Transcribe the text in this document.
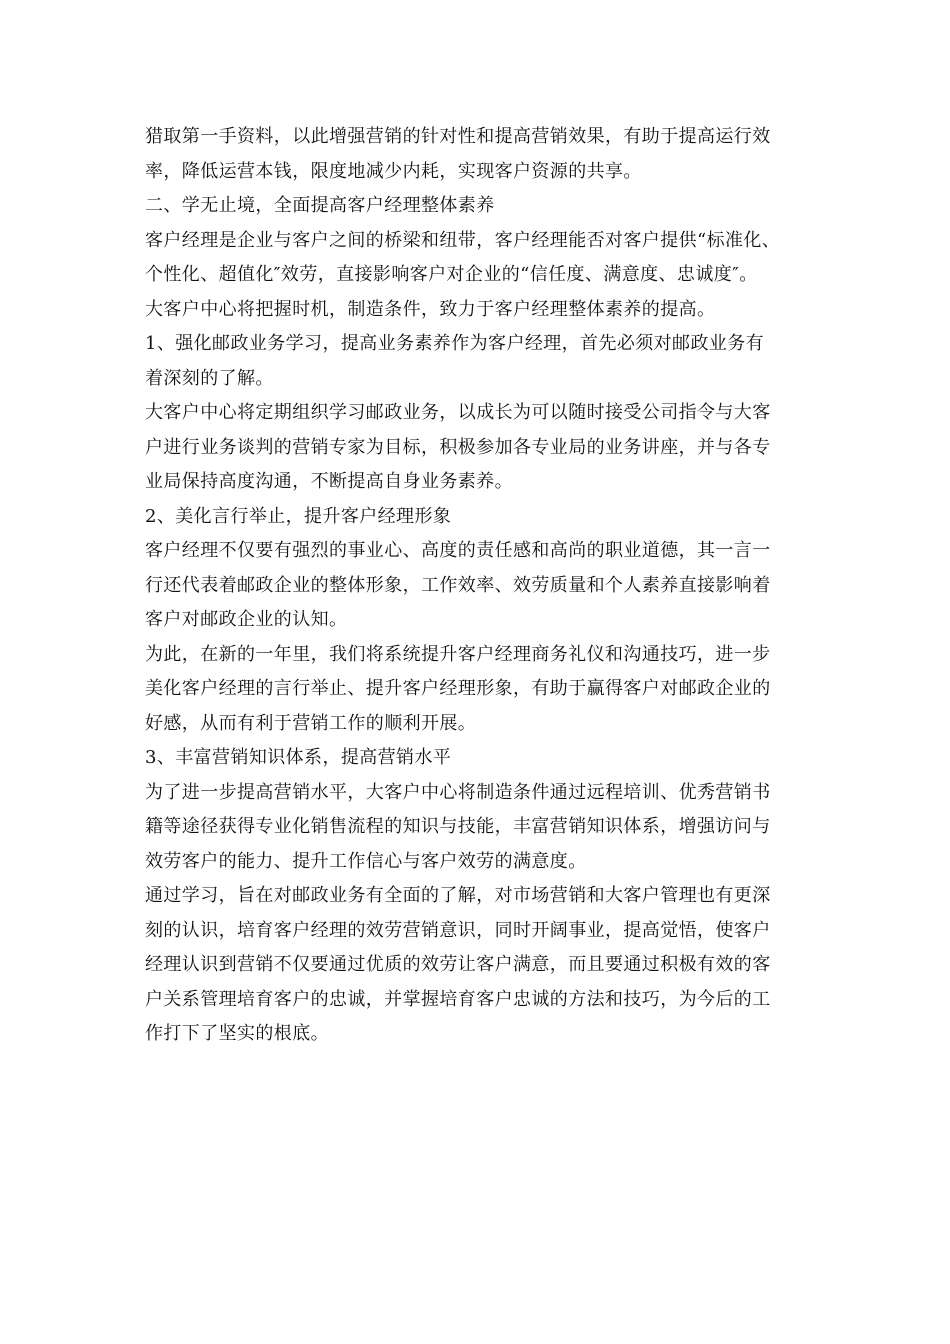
猎取第一手资料，以此增强营销的针对性和提高营销效果，有助于提高运行效
率，降低运营本钱，限度地减少内耗，实现客户资源的共享。
二、学无止境，全面提高客户经理整体素养
客户经理是企业与客户之间的桥梁和纽带，客户经理能否对客户提供“标准化、
个性化、超值化″效劳，直接影响客户对企业的“信任度、满意度、忠诚度″。
大客户中心将把握时机，制造条件，致力于客户经理整体素养的提高。
1、强化邮政业务学习，提高业务素养作为客户经理，首先必须对邮政业务有
着深刻的了解。
大客户中心将定期组织学习邮政业务，以成长为可以随时接受公司指令与大客
户进行业务谈判的营销专家为目标，积极参加各专业局的业务讲座，并与各专
业局保持高度沟通，不断提高自身业务素养。
2、美化言行举止，提升客户经理形象
客户经理不仅要有强烈的事业心、高度的责任感和高尚的职业道德，其一言一
行还代表着邮政企业的整体形象，工作效率、效劳质量和个人素养直接影响着
客户对邮政企业的认知。
为此，在新的一年里，我们将系统提升客户经理商务礼仪和沟通技巧，进一步
美化客户经理的言行举止、提升客户经理形象，有助于赢得客户对邮政企业的
好感，从而有利于营销工作的顺利开展。
3、丰富营销知识体系，提高营销水平
为了进一步提高营销水平，大客户中心将制造条件通过远程培训、优秀营销书
籍等途径获得专业化销售流程的知识与技能，丰富营销知识体系，增强访问与
效劳客户的能力、提升工作信心与客户效劳的满意度。
通过学习，旨在对邮政业务有全面的了解，对市场营销和大客户管理也有更深
刻的认识，培育客户经理的效劳营销意识，同时开阔事业，提高觉悟，使客户
经理认识到营销不仅要通过优质的效劳让客户满意，而且要通过积极有效的客
户关系管理培育客户的忠诚，并掌握培育客户忠诚的方法和技巧，为今后的工
作打下了坚实的根底。
